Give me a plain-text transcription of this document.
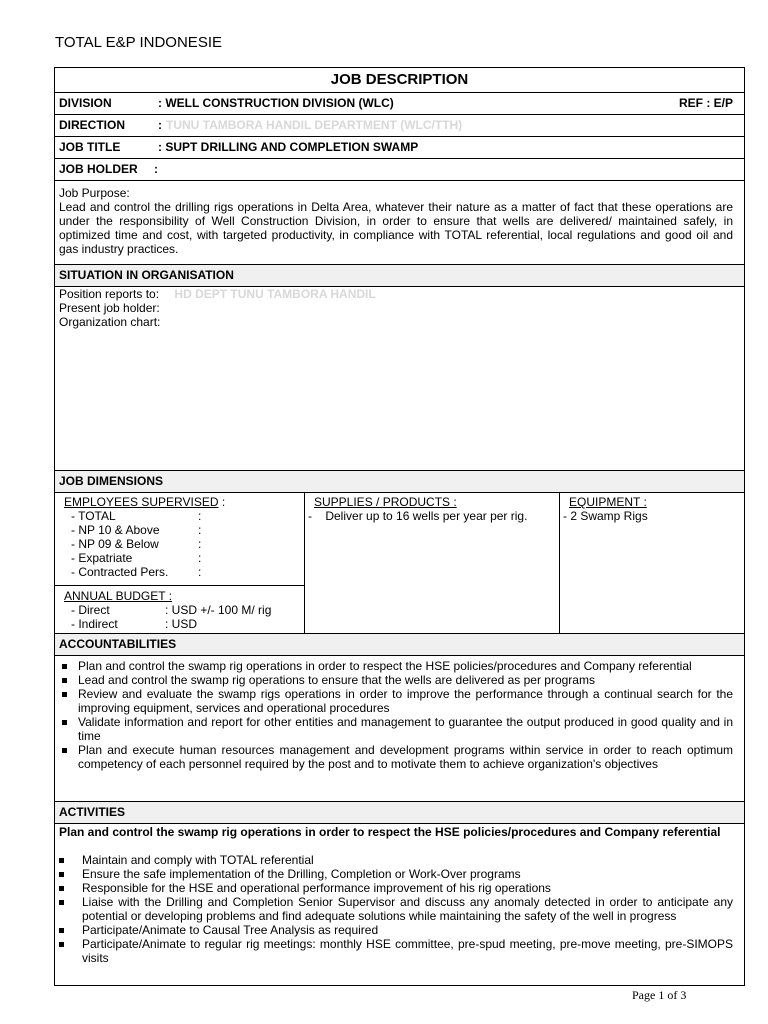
TOTAL E&P INDONESIE
JOB DESCRIPTION
DIVISION	: WELL CONSTRUCTION DIVISION (WLC)	REF : E/P
DIRECTION	: TUNU TAMBORA HANDIL DEPARTMENT (WLC/TTH)
JOB TITLE	: SUPT DRILLING AND COMPLETION SWAMP
JOB HOLDER :
Job Purpose:
Lead and control the drilling rigs operations in Delta Area, whatever their nature as a matter of fact that these operations are under the responsibility of Well Construction Division, in order to ensure that wells are delivered/ maintained safely, in optimized time and cost, with targeted productivity, in compliance with TOTAL referential, local regulations and good oil and gas industry practices.
SITUATION IN ORGANISATION
Position reports to: HD DEPT TUNU TAMBORA HANDIL
Present job holder:
Organization chart:
JOB DIMENSIONS
EMPLOYEES SUPERVISED :
- TOTAL	:
- NP 10 & Above	:
- NP 09 & Below	:
- Expatriate	:
- Contracted Pers. :
ANNUAL BUDGET :
- Direct	: USD +/- 100 M/ rig
- Indirect	: USD
SUPPLIES / PRODUCTS :
- Deliver up to 16 wells per year per rig.
EQUIPMENT :
- 2 Swamp Rigs
ACCOUNTABILITIES
Plan and control the swamp rig operations in order to respect the HSE policies/procedures and Company referential
Lead and control the swamp rig operations to ensure that the wells are delivered as per programs
Review and evaluate the swamp rigs operations in order to improve the performance through a continual search for the improving equipment, services and operational procedures
Validate information and report for other entities and management to guarantee the output produced in good quality and in time
Plan and execute human resources management and development programs within service in order to reach optimum competency of each personnel required by the post and to motivate them to achieve organization's objectives
ACTIVITIES
Plan and control the swamp rig operations in order to respect the HSE policies/procedures and Company referential
Maintain and comply with TOTAL referential
Ensure the safe implementation of the Drilling, Completion or Work-Over programs
Responsible for the HSE and operational performance improvement of his rig operations
Liaise with the Drilling and Completion Senior Supervisor and discuss any anomaly detected in order to anticipate any potential or developing problems and find adequate solutions while maintaining the safety of the well in progress
Participate/Animate to Causal Tree Analysis as required
Participate/Animate to regular rig meetings: monthly HSE committee, pre-spud meeting, pre-move meeting, pre-SIMOPS visits
Page 1 of 3
